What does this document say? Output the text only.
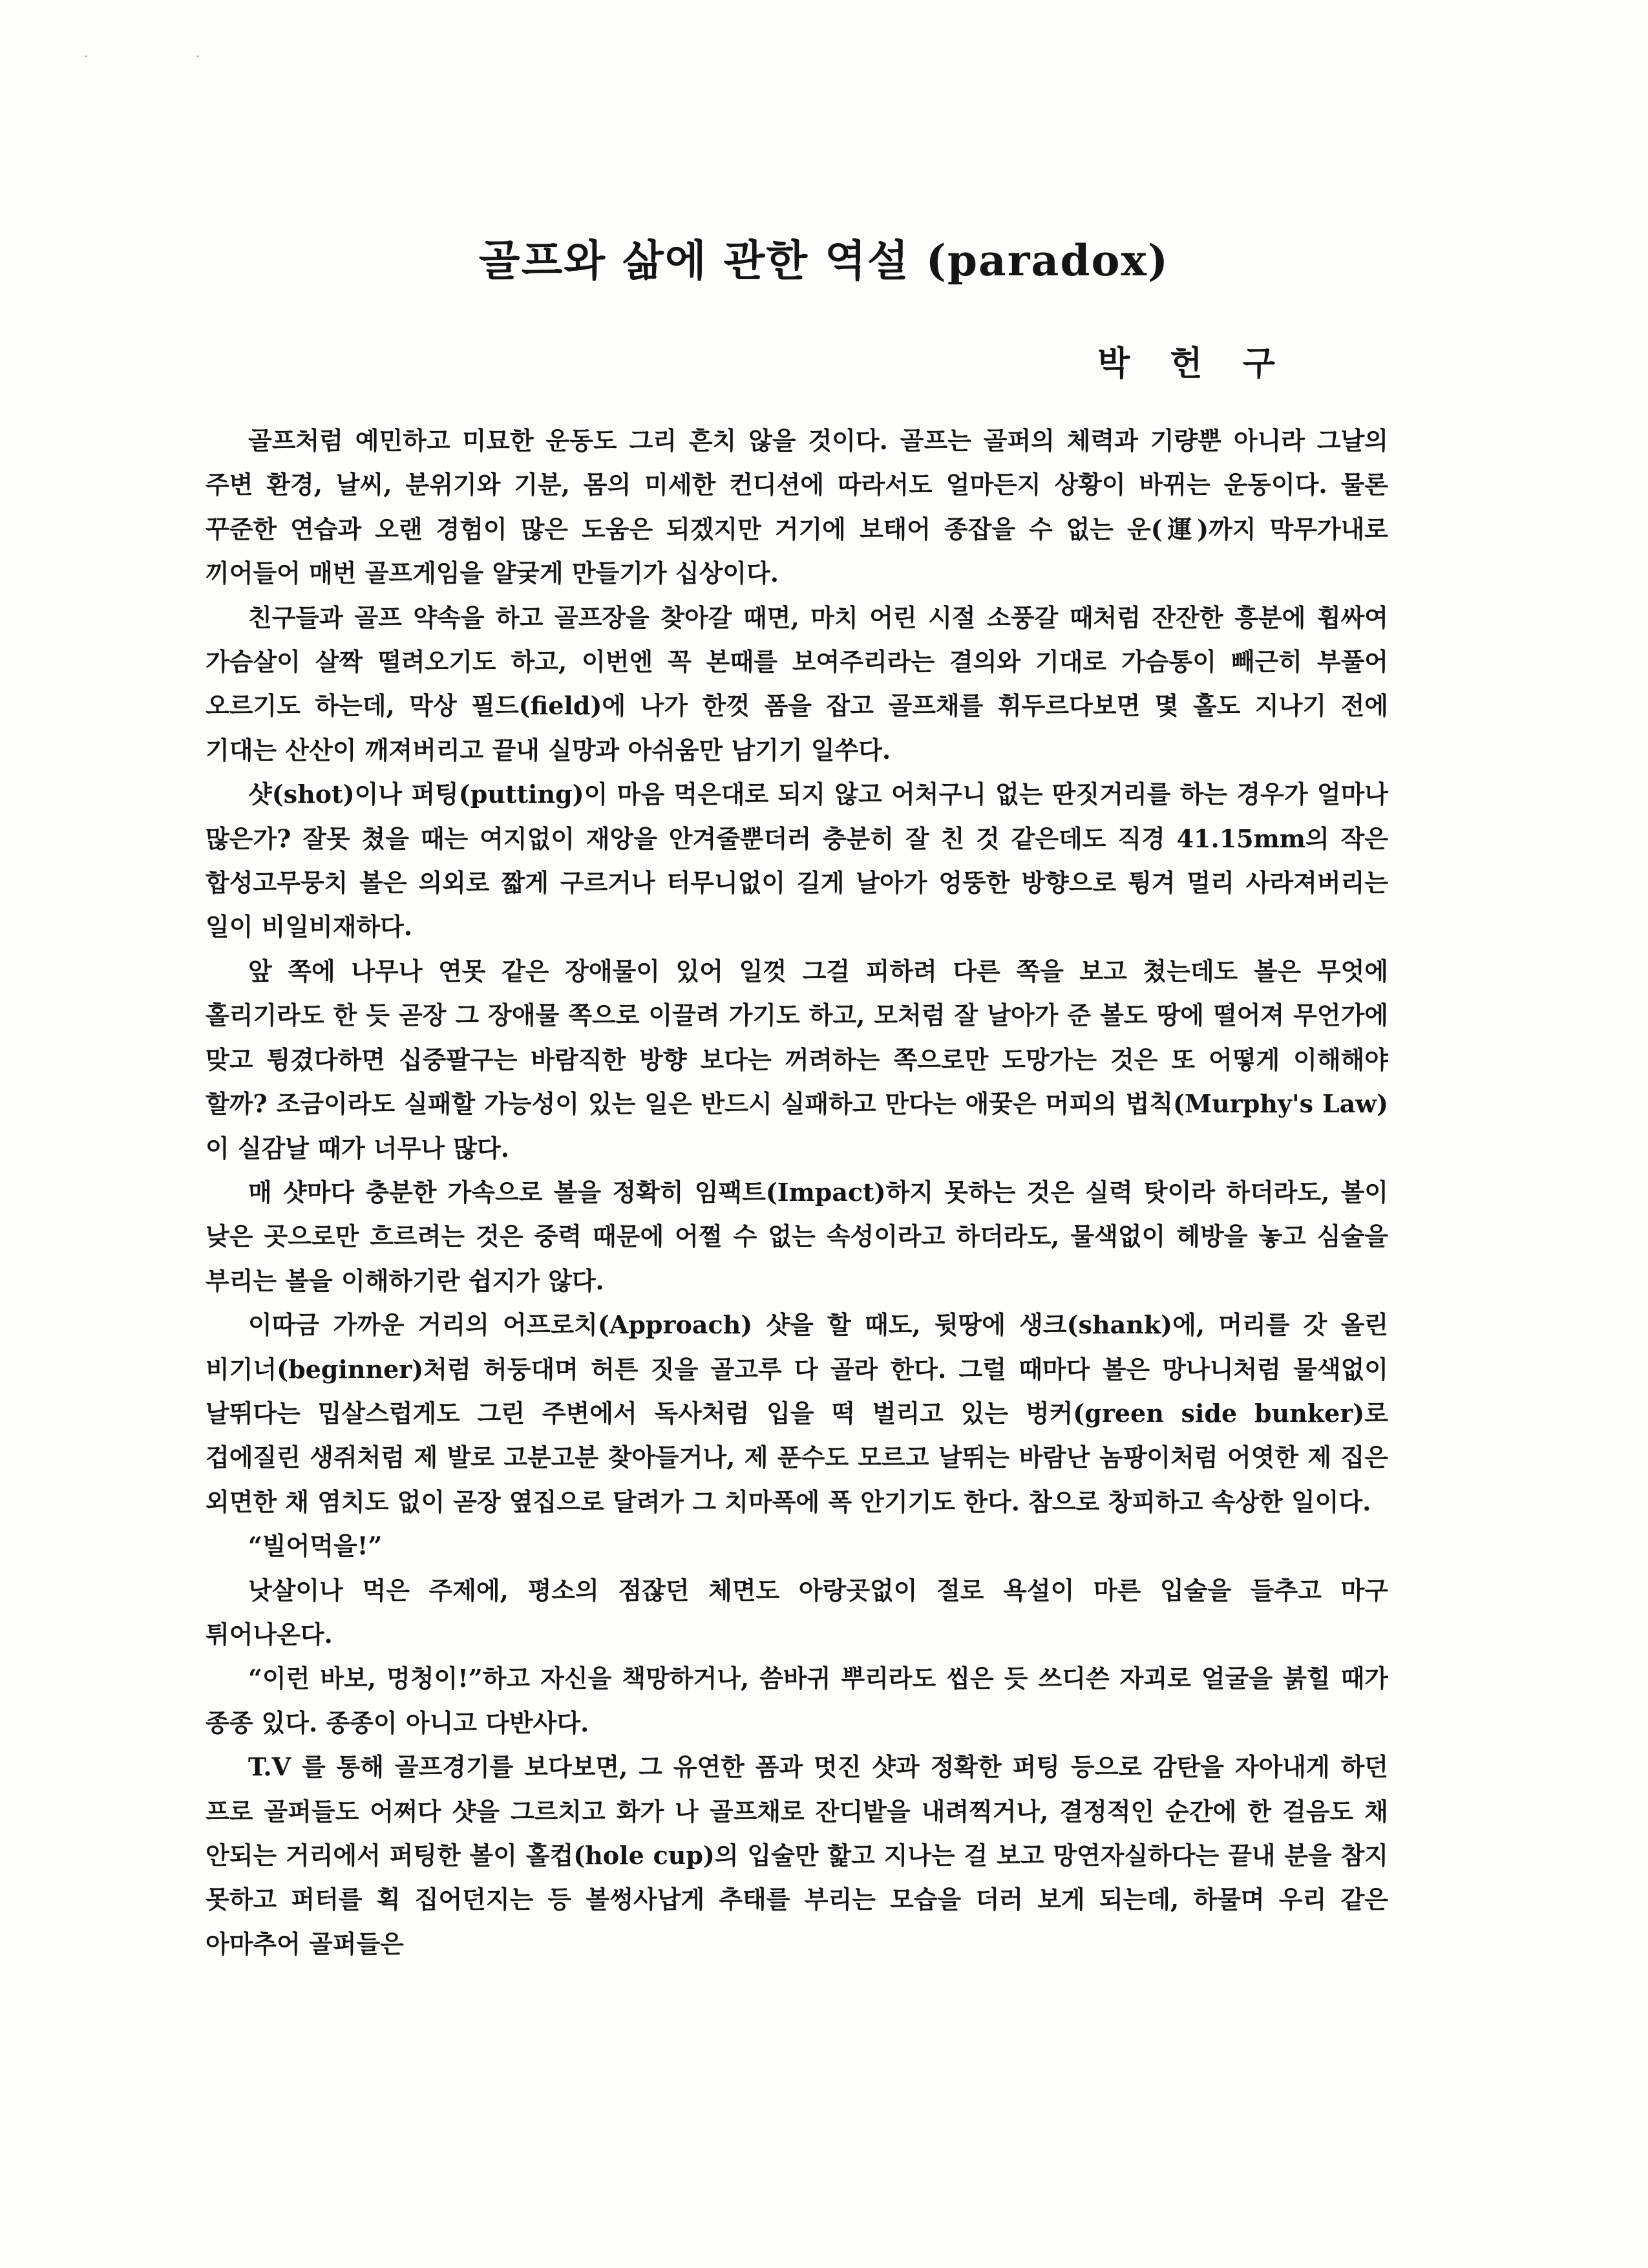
· ·
골프와 삶에 관한 역설 (paradox)
박 헌 구

골프처럼 예민하고 미묘한 운동도 그리 흔치 않을 것이다. 골프는 골퍼의 체력과 기량뿐 아니라 그날의 주변 환경, 날씨, 분위기와 기분, 몸의 미세한 컨디션에 따라서도 얼마든지 상황이 바뀌는 운동이다. 물론 꾸준한 연습과 오랜 경험이 많은 도움은 되겠지만 거기에 보태어 종잡을 수 없는 운(運)까지 막무가내로 끼어들어 매번 골프게임을 얄궂게 만들기가 십상이다.

친구들과 골프 약속을 하고 골프장을 찾아갈 때면, 마치 어린 시절 소풍갈 때처럼 잔잔한 흥분에 휩싸여 가슴살이 살짝 떨려오기도 하고, 이번엔 꼭 본때를 보여주리라는 결의와 기대로 가슴통이 빼근히 부풀어 오르기도 하는데, 막상 필드(field)에 나가 한껏 폼을 잡고 골프채를 휘두르다보면 몇 홀도 지나기 전에 기대는 산산이 깨져버리고 끝내 실망과 아쉬움만 남기기 일쑤다.

샷(shot)이나 퍼팅(putting)이 마음 먹은대로 되지 않고 어처구니 없는 딴짓거리를 하는 경우가 얼마나 많은가? 잘못 쳤을 때는 여지없이 재앙을 안겨줄뿐더러 충분히 잘 친 것 같은데도 직경 41.15mm의 작은 합성고무뭉치 볼은 의외로 짧게 구르거나 터무니없이 길게 날아가 엉뚱한 방향으로 튕겨 멀리 사라져버리는 일이 비일비재하다.

앞 쪽에 나무나 연못 같은 장애물이 있어 일껏 그걸 피하려 다른 쪽을 보고 쳤는데도 볼은 무엇에 홀리기라도 한 듯 곧장 그 장애물 쪽으로 이끌려 가기도 하고, 모처럼 잘 날아가 준 볼도 땅에 떨어져 무언가에 맞고 튕겼다하면 십중팔구는 바람직한 방향 보다는 꺼려하는 쪽으로만 도망가는 것은 또 어떻게 이해해야 할까? 조금이라도 실패할 가능성이 있는 일은 반드시 실패하고 만다는 애꿎은 머피의 법칙(Murphy's Law)이 실감날 때가 너무나 많다.

매 샷마다 충분한 가속으로 볼을 정확히 임팩트(Impact)하지 못하는 것은 실력 탓이라 하더라도, 볼이 낮은 곳으로만 흐르려는 것은 중력 때문에 어쩔 수 없는 속성이라고 하더라도, 물색없이 헤방을 놓고 심술을 부리는 볼을 이해하기란 쉽지가 않다.

이따금 가까운 거리의 어프로치(Approach) 샷을 할 때도, 뒷땅에 생크(shank)에, 머리를 갓 올린 비기너(beginner)처럼 허둥대며 허튼 짓을 골고루 다 골라 한다. 그럴 때마다 볼은 망나니처럼 물색없이 날뛰다는 밉살스럽게도 그린 주변에서 독사처럼 입을 떡 벌리고 있는 벙커(green side bunker)로 겁에질린 생쥐처럼 제 발로 고분고분 찾아들거나, 제 푼수도 모르고 날뛰는 바람난 놈팡이처럼 어엿한 제 집은 외면한 채 염치도 없이 곧장 옆집으로 달려가 그 치마폭에 폭 안기기도 한다. 참으로 창피하고 속상한 일이다.

“빌어먹을!”

낫살이나 먹은 주제에, 평소의 점잖던 체면도 아랑곳없이 절로 욕설이 마른 입술을 들추고 마구 튀어나온다.

“이런 바보, 멍청이!”하고 자신을 책망하거나, 씀바귀 뿌리라도 씹은 듯 쓰디쓴 자괴로 얼굴을 붉힐 때가 종종 있다. 종종이 아니고 다반사다.

T.V 를 통해 골프경기를 보다보면, 그 유연한 폼과 멋진 샷과 정확한 퍼팅 등으로 감탄을 자아내게 하던 프로 골퍼들도 어쩌다 샷을 그르치고 화가 나 골프채로 잔디밭을 내려찍거나, 결정적인 순간에 한 걸음도 채 안되는 거리에서 퍼팅한 볼이 홀컵(hole cup)의 입술만 핥고 지나는 걸 보고 망연자실하다는 끝내 분을 참지 못하고 퍼터를 획 집어던지는 등 볼썽사납게 추태를 부리는 모습을 더러 보게 되는데, 하물며 우리 같은 아마추어 골퍼들은
